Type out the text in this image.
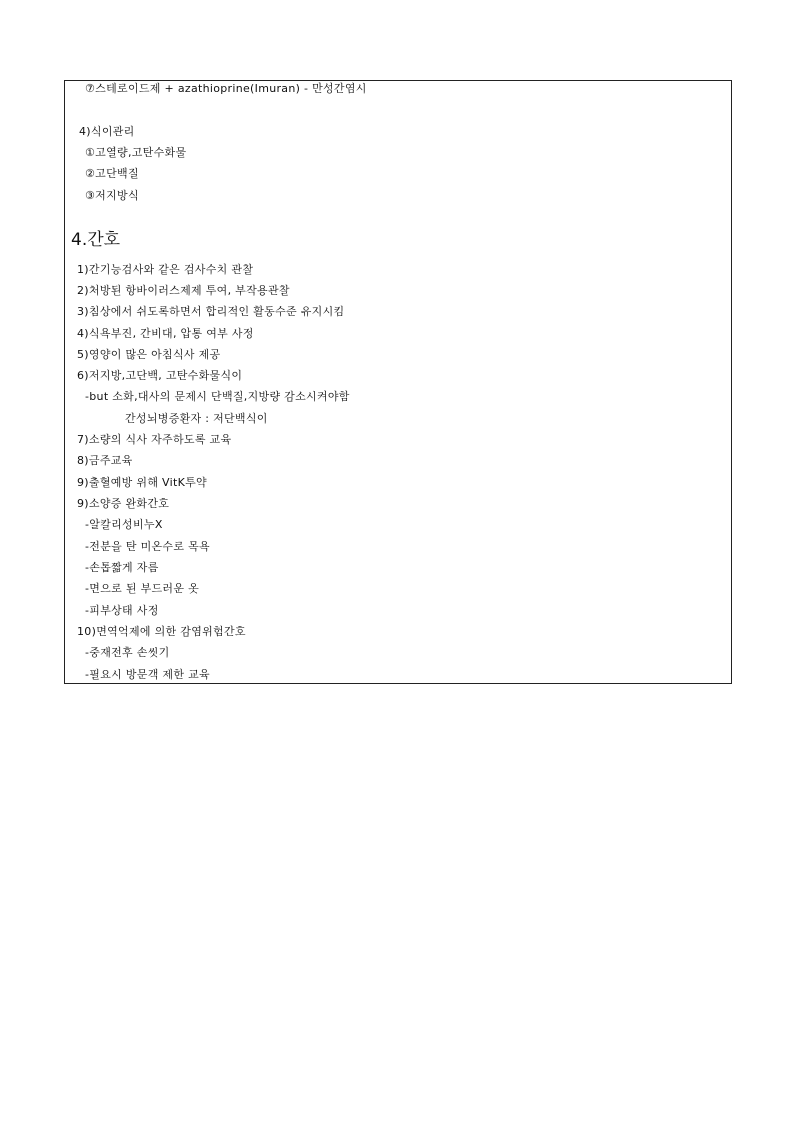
⑦스테로이드제 + azathioprine(Imuran) - 만성간염시
4)식이관리
①고열량,고탄수화물
②고단백질
③저지방식
4.간호
1)간기능검사와 같은 검사수치 관찰
2)처방된 항바이러스제제 투여, 부작용관찰
3)침상에서 쉬도록하면서 합리적인 활동수준 유지시킴
4)식욕부진, 간비대, 압통 여부 사정
5)영양이 많은 아침식사 제공
6)저지방,고단백, 고탄수화물식이
-but 소화,대사의 문제시 단백질,지방량 감소시켜야함
간성뇌병증환자 : 저단백식이
7)소량의 식사 자주하도록 교육
8)금주교육
9)출혈예방 위해 VitK투약
9)소양증 완화간호
-알칼리성비누X
-전분을 탄 미온수로 목욕
-손톱짧게 자름
-면으로 된 부드러운 옷
-피부상태 사정
10)면역억제에 의한 감염위험간호
-중재전후 손씻기
-필요시 방문객 제한 교육
